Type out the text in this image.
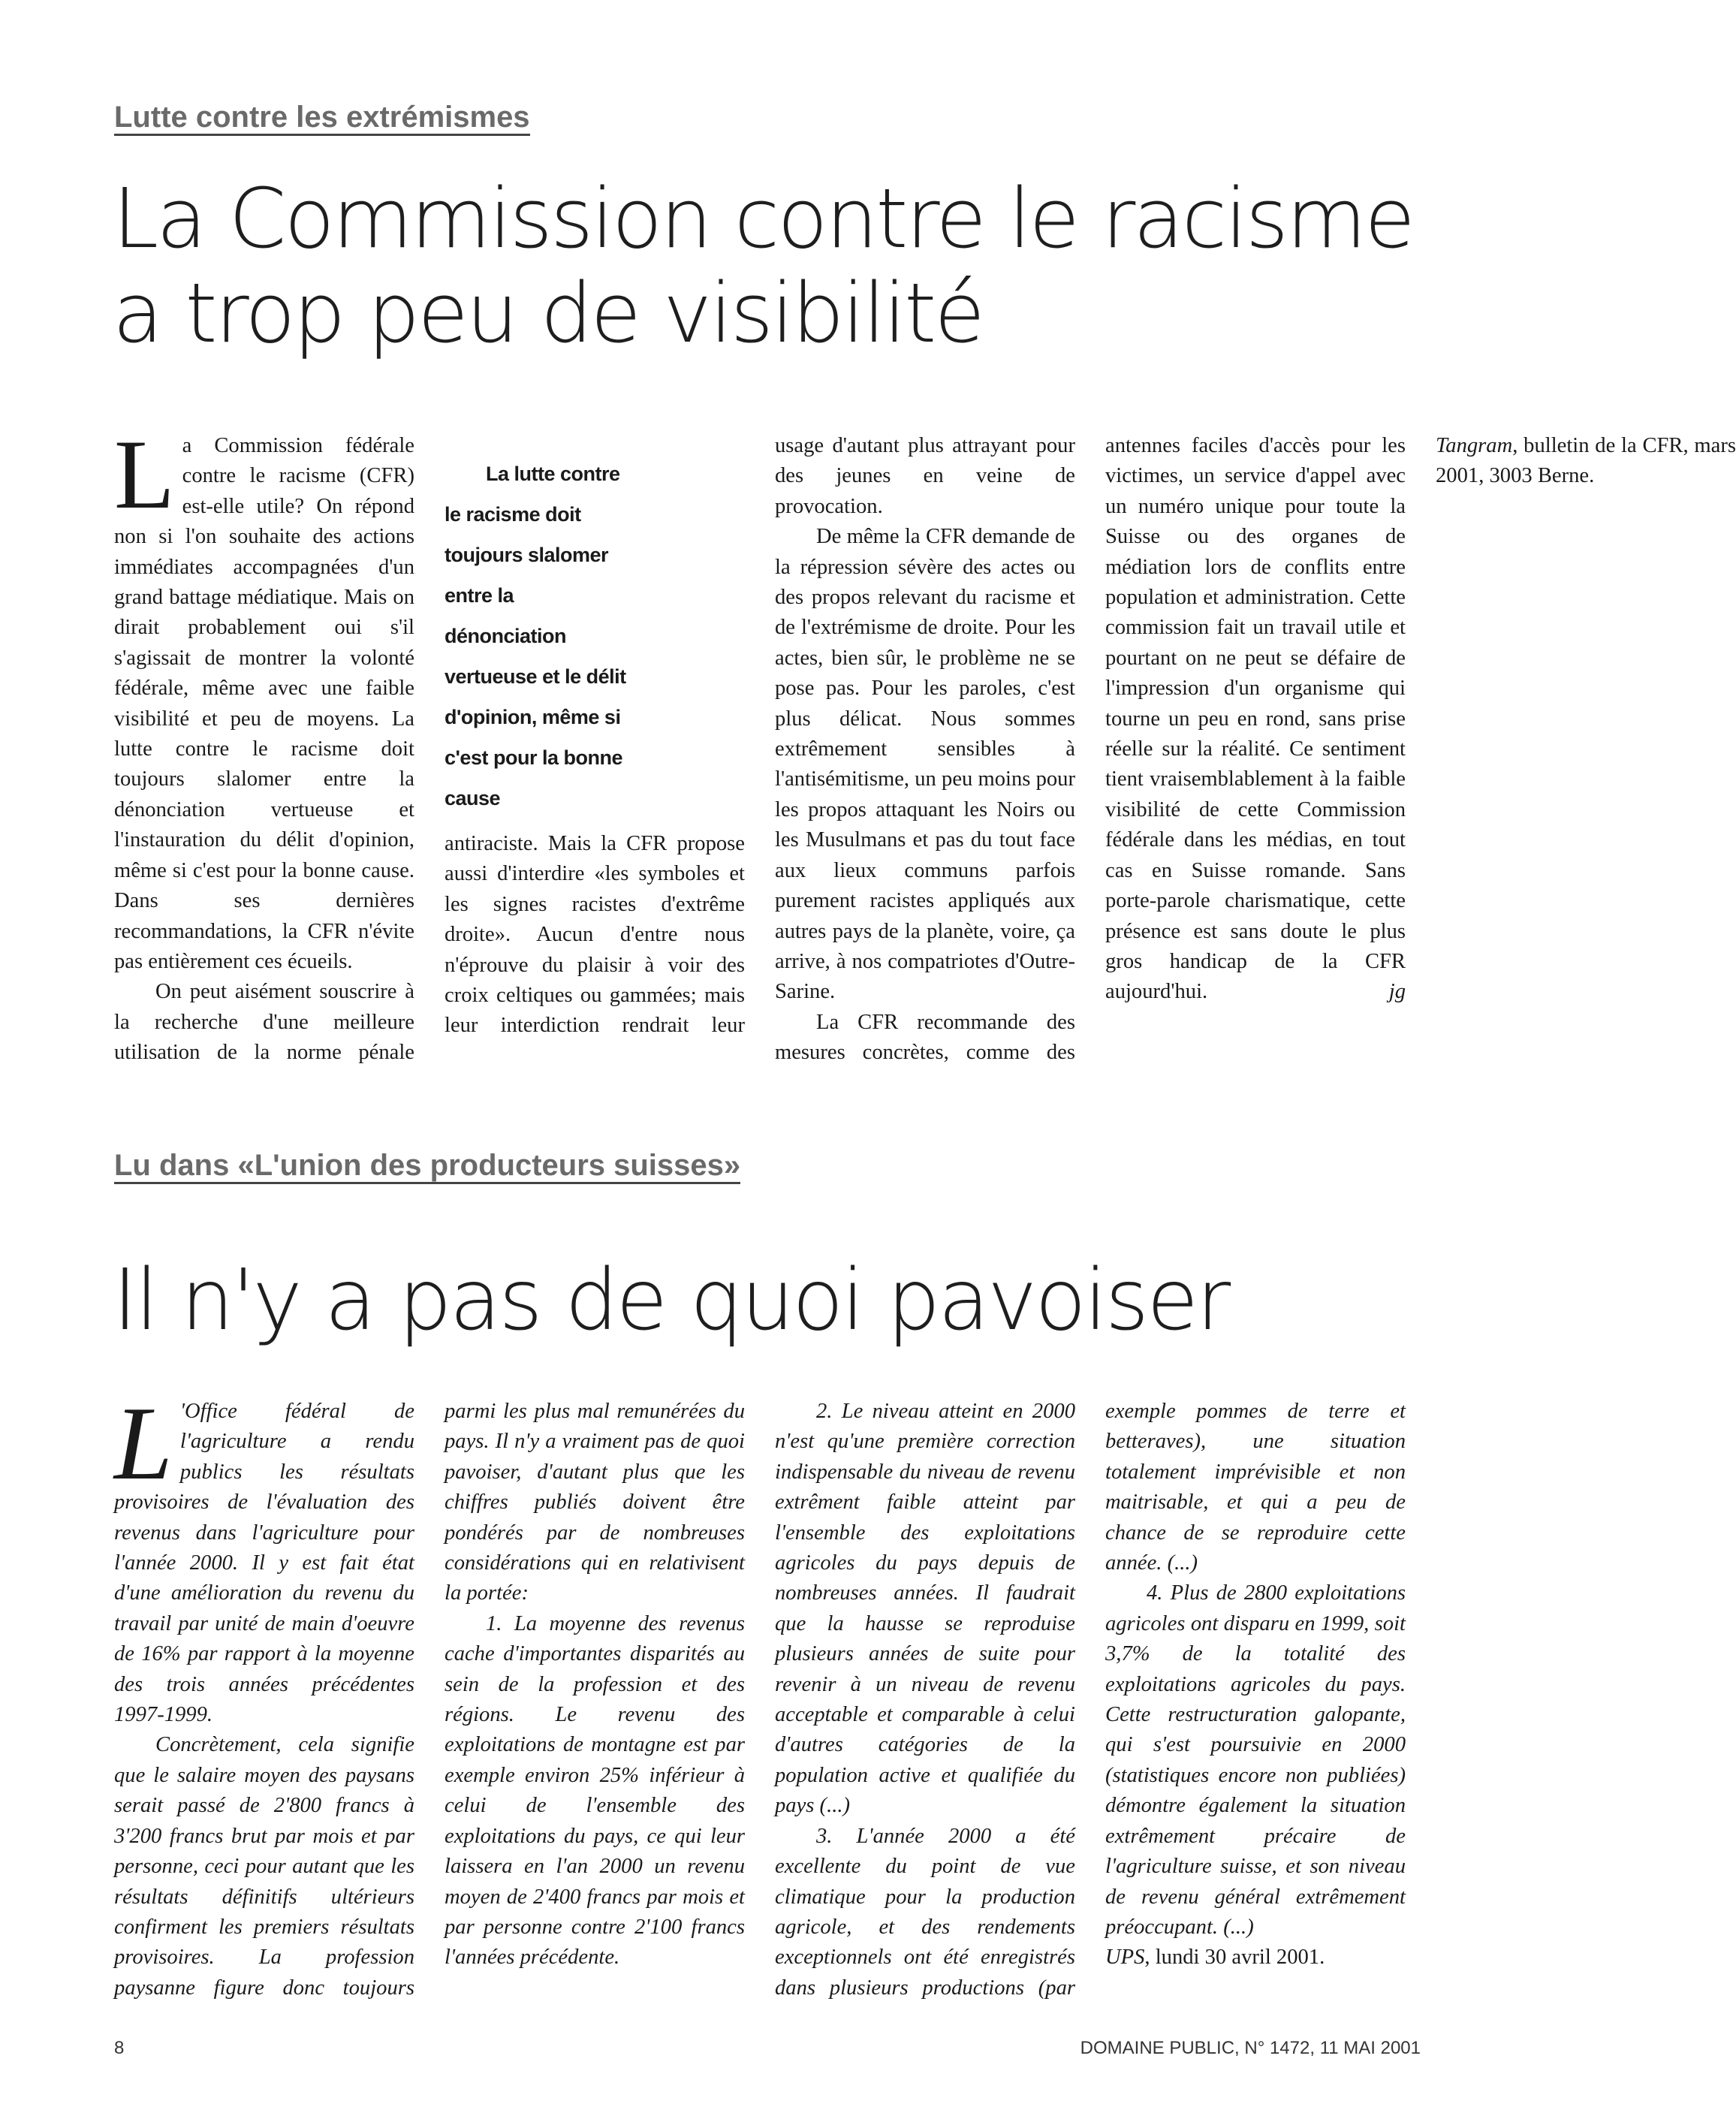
Lutte contre les extrémismes
La Commission contre le racisme
a trop peu de visibilité

La Commission fédérale contre le racisme (CFR) est-elle utile? On répond non si l'on souhaite des actions immédiates accompagnées d'un grand battage médiatique. Mais on dirait probablement oui s'il s'agissait de montrer la volonté fédérale, même avec une faible visibilité et peu de moyens. La lutte contre le racisme doit toujours slalomer entre la dénonciation vertueuse et l'instauration du délit d'opinion, même si c'est pour la bonne cause. Dans ses dernières recommandations, la CFR n'évite pas entièrement ces écueils.

La lutte contre le racisme doit toujours slalomer entre la dénonciation vertueuse et le délit d'opinion, même si c'est pour la bonne cause
On peut aisément souscrire à la recherche d'une meilleure utilisation de la norme pénale antiraciste. Mais la CFR propose aussi d'interdire «les symboles et les signes racistes d'extrême droite». Aucun d'entre nous n'éprouve du plaisir à voir des croix celtiques ou gammées; mais leur interdiction rendrait leur usage d'autant plus attrayant pour des jeunes en veine de provocation.

De même la CFR demande de la répression sévère des actes ou des propos relevant du racisme et de l'extrémisme de droite. Pour les actes, bien sûr, le problème ne se pose pas. Pour les paroles, c'est plus délicat. Nous sommes extrêmement sensibles à l'antisémitisme, un peu moins pour les propos attaquant les Noirs ou les Musulmans et pas du tout face aux lieux communs parfois purement racistes appliqués aux autres pays de la planète, voire, ça arrive, à nos compatriotes d'Outre-Sarine.

La CFR recommande des mesures concrètes, comme des antennes faciles d'accès pour les victimes, un service d'appel avec un numéro unique pour toute la Suisse ou des organes de médiation lors de conflits entre population et administration. Cette commission fait un travail utile et pourtant on ne peut se défaire de l'impression d'un organisme qui tourne un peu en rond, sans prise réelle sur la réalité. Ce sentiment tient vraisemblablement à la faible visibilité de cette Commission fédérale dans les médias, en tout cas en Suisse romande. Sans porte-parole charismatique, cette présence est sans doute le plus gros handicap de la CFR aujourd'hui.	jg

Tangram, bulletin de la CFR, mars 2001, 3003 Berne.

Lu dans «L'union des producteurs suisses»
Il n'y a pas de quoi pavoiser

L 'Office fédéral de l'agriculture a rendu publics les résultats provisoires de l'évaluation des revenus dans l'agriculture pour l'année 2000. Il y est fait état d'une amélioration du revenu du travail par unité de main d'oeuvre de 16% par rapport à la moyenne des trois années précédentes 1997-1999.

Concrètement, cela signifie que le salaire moyen des paysans serait passé de 2'800 francs à 3'200 francs brut par mois et par personne, ceci pour autant que les résultats définitifs ultérieurs confirment les premiers résultats provisoires. La profession paysanne figure donc toujours parmi les plus mal remunérées du pays. Il n'y a vraiment pas de quoi pavoiser, d'autant plus que les chiffres publiés doivent être pondérés par de nombreuses considérations qui en relativisent la portée:

1. La moyenne des revenus cache d'importantes disparités au sein de la profession et des régions. Le revenu des exploitations de montagne est par exemple environ 25% inférieur à celui de l'ensemble des exploitations du pays, ce qui leur laissera en l'an 2000 un revenu moyen de 2'400 francs par mois et par personne contre 2'100 francs l'années précédente.

2. Le niveau atteint en 2000 n'est qu'une première correction indispensable du niveau de revenu extrêment faible atteint par l'ensemble des exploitations agricoles du pays depuis de nombreuses années. Il faudrait que la hausse se reproduise plusieurs années de suite pour revenir à un niveau de revenu acceptable et comparable à celui d'autres catégories de la population active et qualifiée du pays (...)

3. L'année 2000 a été excellente du point de vue climatique pour la production agricole, et des rendements exceptionnels ont été enregistrés dans plusieurs productions (par exemple pommes de terre et betteraves), une situation totalement imprévisible et non maitrisable, et qui a peu de chance de se reproduire cette année. (...)

4. Plus de 2800 exploitations agricoles ont disparu en 1999, soit 3,7% de la totalité des exploitations agricoles du pays. Cette restructuration galopante, qui s'est poursuivie en 2000 (statistiques encore non publiées) démontre également la situation extrêmement précaire de l'agriculture suisse, et son niveau de revenu général extrêmement préoccupant. (...)

UPS, lundi 30 avril 2001.

8	DOMAINE PUBLIC, N° 1472, 11 MAI 2001
